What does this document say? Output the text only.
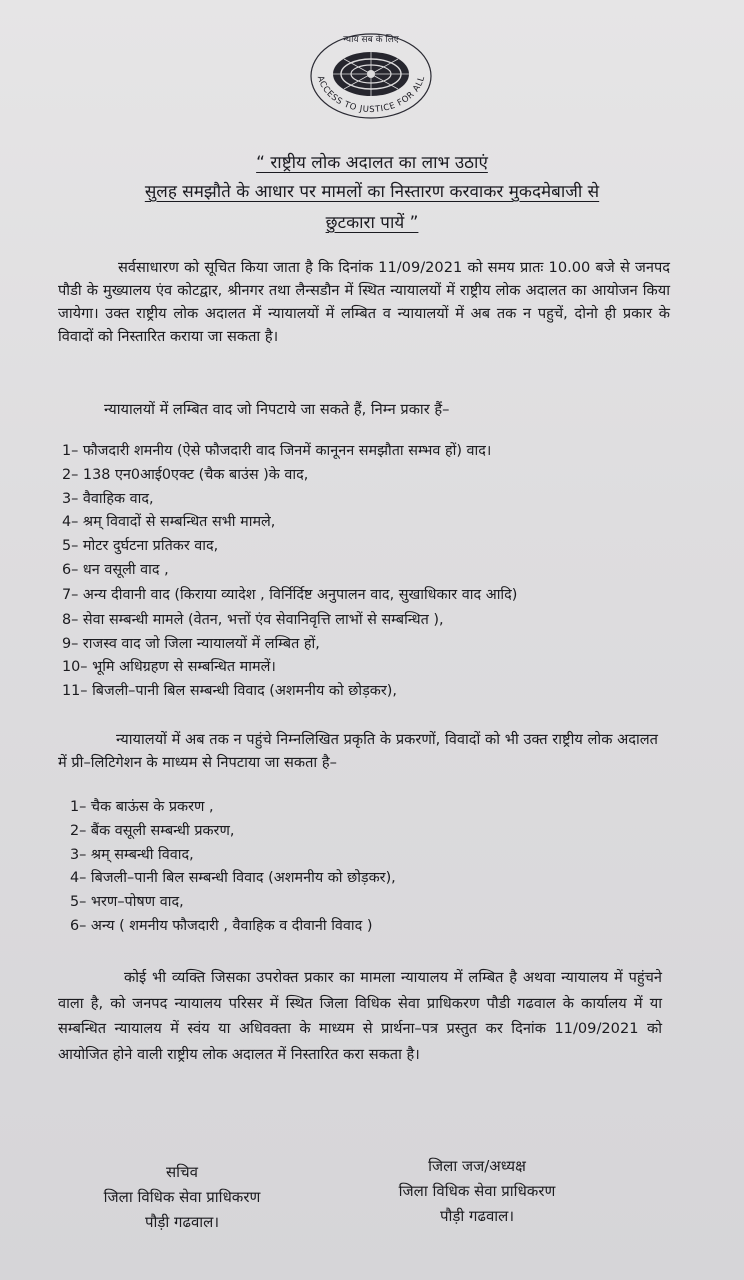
ACCESS TO JUSTICE FOR ALL
न्याय सब के लिए
“ राष्ट्रीय लोक अदालत का लाभ उठाएं
सुलह समझौते के आधार पर मामलों का निस्तारण करवाकर मुकदमेबाजी से
छुटकारा पायें ”
सर्वसाधारण को सूचित किया जाता है कि दिनांक 11/09/2021 को समय प्रातः 10.00 बजे से जनपद पौडी के मुख्यालय एंव कोटद्वार, श्रीनगर तथा लैन्सडौन में स्थित न्यायालयों में राष्ट्रीय लोक अदालत का आयोजन किया जायेगा। उक्त राष्ट्रीय लोक अदालत में न्यायालयों में लम्बित व न्यायालयों में अब तक न पहुचें, दोनो ही प्रकार के विवादों को निस्तारित कराया जा सकता है।
न्यायालयों में लम्बित वाद जो निपटाये जा सकते हैं, निम्न प्रकार हैं–
1– फौजदारी शमनीय (ऐसे फौजदारी वाद जिनमें कानूनन समझौता सम्भव हों) वाद।
2– 138 एन0आई0एक्ट (चैक बाउंस )के वाद,
3– वैवाहिक वाद,
4– श्रम् विवादों से सम्बन्धित सभी मामले,
5– मोटर दुर्घटना प्रतिकर वाद,
6– धन वसूली वाद ,
7– अन्य दीवानी वाद (किराया व्यादेश , विर्निर्दिष्ट अनुपालन वाद, सुखाधिकार वाद आदि)
8– सेवा सम्बन्धी मामले (वेतन, भत्तों एंव सेवानिवृत्ति लाभों से सम्बन्धित ),
9– राजस्व वाद जो जिला न्यायालयों में लम्बित हों,
10– भूमि अधिग्रहण से सम्बन्धित मामलें।
11– बिजली–पानी बिल सम्बन्धी विवाद (अशमनीय को छोड़कर),
न्यायालयों में अब तक न पहुंचे निम्नलिखित प्रकृति के प्रकरणों, विवादों को भी उक्त राष्ट्रीय लोक अदालत में प्री–लिटिगेशन के माध्यम से निपटाया जा सकता है–
1– चैक बाऊंस के प्रकरण ,
2– बैंक वसूली सम्बन्धी प्रकरण,
3– श्रम् सम्बन्धी विवाद,
4– बिजली–पानी बिल सम्बन्धी विवाद (अशमनीय को छोड़कर),
5– भरण–पोषण वाद,
6– अन्य ( शमनीय फौजदारी , वैवाहिक व दीवानी विवाद )
कोई भी व्यक्ति जिसका उपरोक्त प्रकार का मामला न्यायालय में लम्बित है अथवा न्यायालय में पहुंचने वाला है, को जनपद न्यायालय परिसर में स्थित जिला विधिक सेवा प्राधिकरण पौडी गढवाल के कार्यालय में या सम्बन्धित न्यायालय में स्वंय या अधिवक्ता के माध्यम से प्रार्थना–पत्र प्रस्तुत कर दिनांक 11/09/2021 को आयोजित होने वाली राष्ट्रीय लोक अदालत में निस्तारित करा सकता है।
सचिव
जिला विधिक सेवा प्राधिकरण
पौड़ी गढवाल।
जिला जज/अध्यक्ष
जिला विधिक सेवा प्राधिकरण
पौड़ी गढवाल।
